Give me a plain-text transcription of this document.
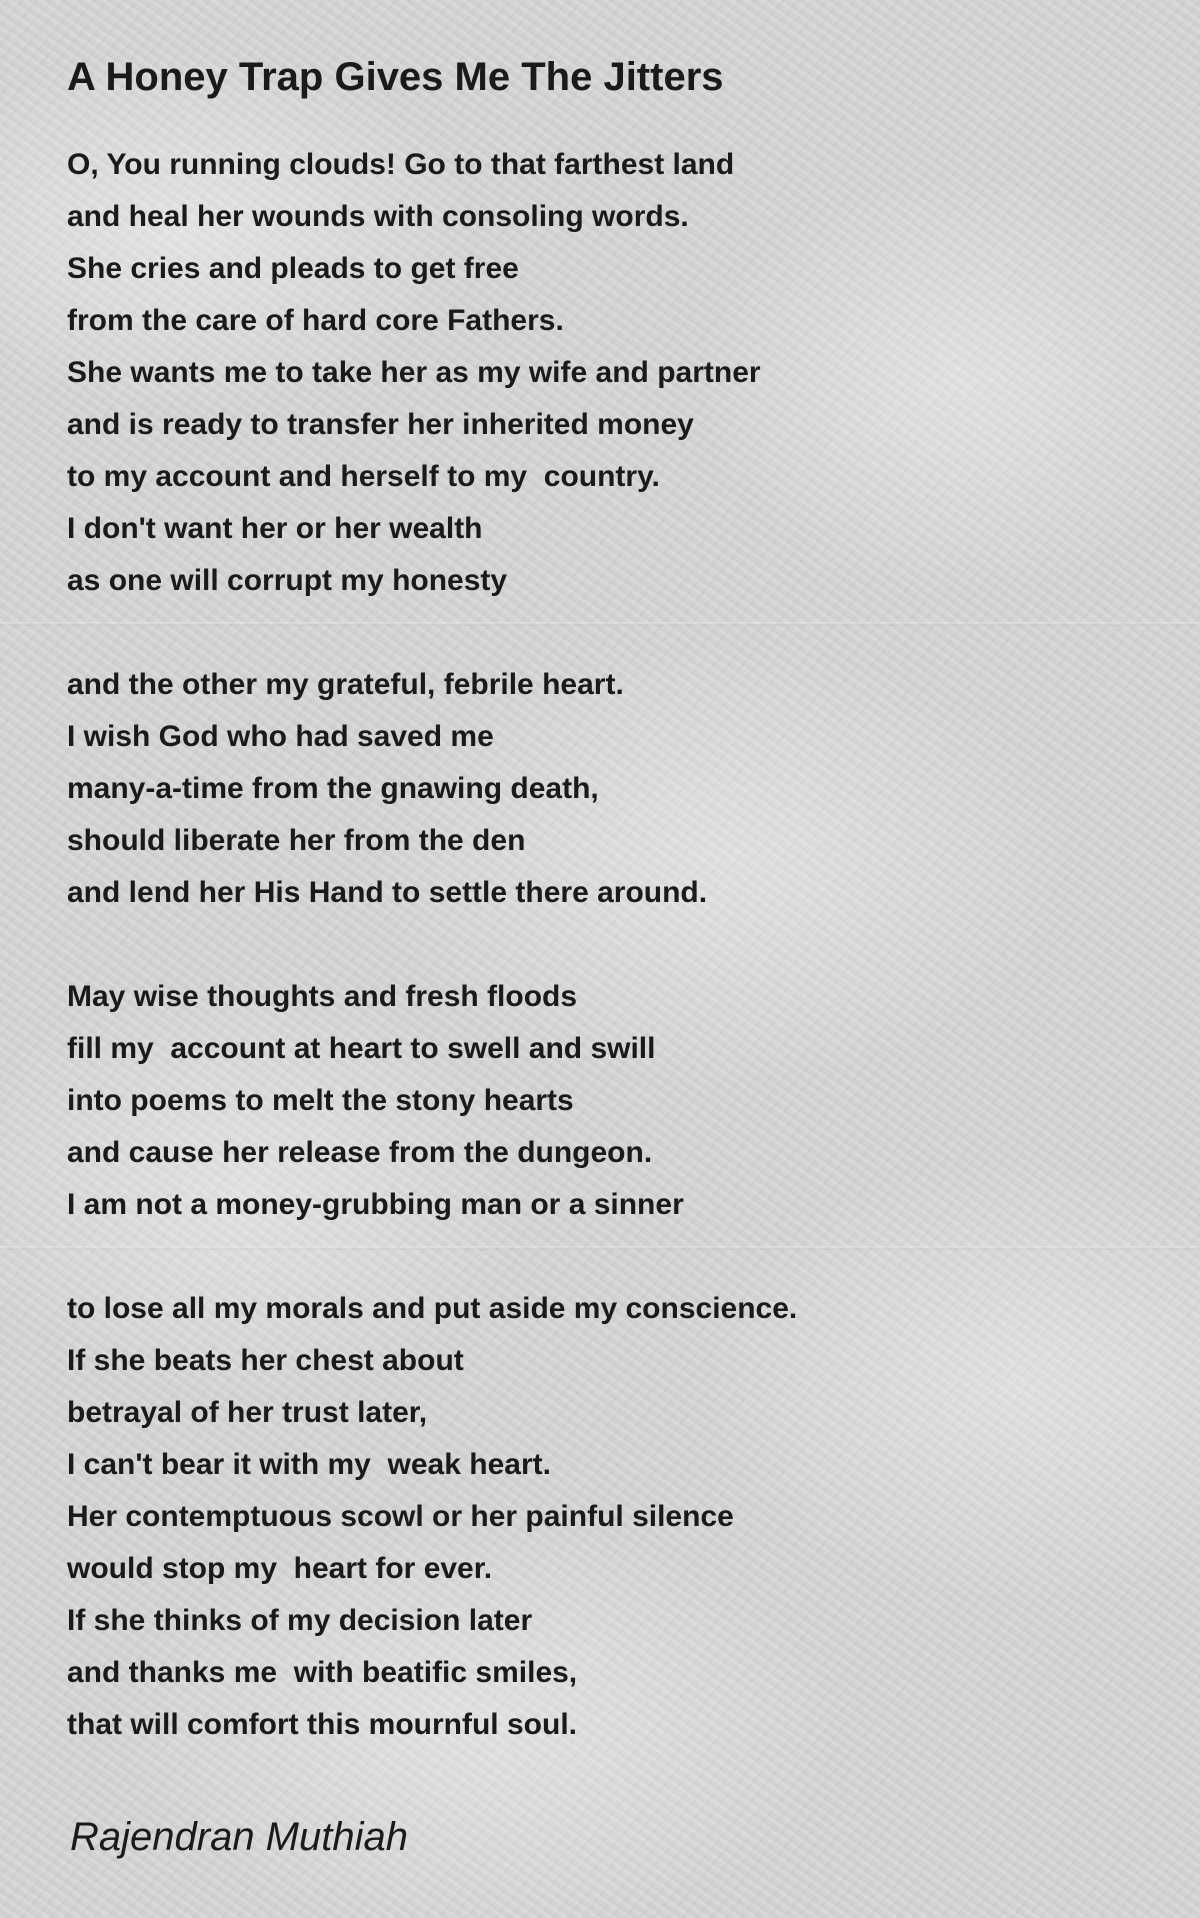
A Honey Trap Gives Me The Jitters
O, You running clouds! Go to that farthest land
and heal her wounds with consoling words.
She cries and pleads to get free
from the care of hard core Fathers.
She wants me to take her as my wife and partner
and is ready to transfer her inherited money
to my account and herself to my  country.
I don't want her or her wealth
as one will corrupt my honesty
and the other my grateful, febrile heart.
I wish God who had saved me
many-a-time from the gnawing death,
should liberate her from the den
and lend her His Hand to settle there around.
May wise thoughts and fresh floods
fill my  account at heart to swell and swill
into poems to melt the stony hearts
and cause her release from the dungeon.
I am not a money-grubbing man or a sinner
to lose all my morals and put aside my conscience.
If she beats her chest about
betrayal of her trust later,
I can't bear it with my  weak heart.
Her contemptuous scowl or her painful silence
would stop my  heart for ever.
If she thinks of my decision later
and thanks me  with beatific smiles,
that will comfort this mournful soul.
Rajendran Muthiah
